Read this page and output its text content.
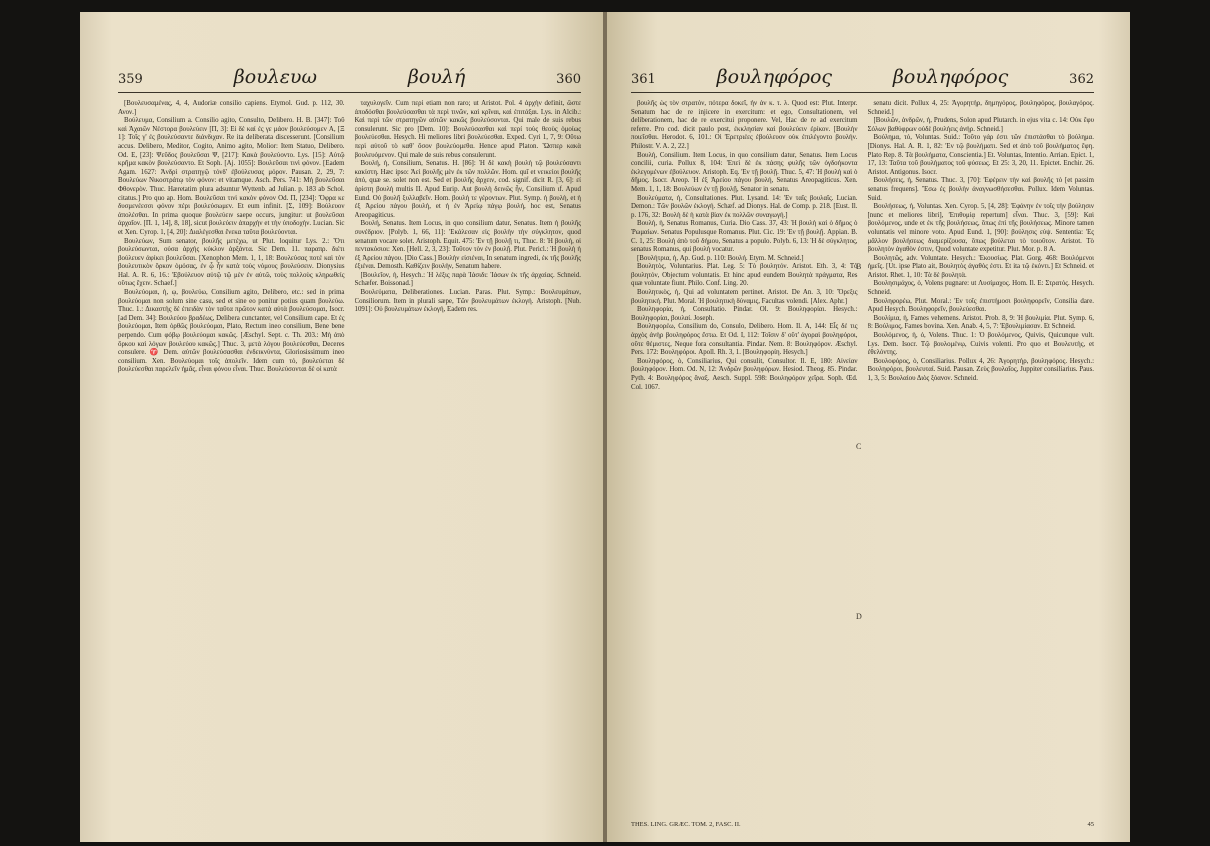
359	βουλευω	βουλή	360

[Βουλευσαμένας, 4, 4, Audoriæ consilio capiens. Etymol. Gud. p. 112, 30. Ανον.]

Βούλευμα, Consilium a. Consilio agito, Consulto, Delibero. H. B. [347]: Τοῦ καὶ Ἀχαιῶν Νέστορα βουλεύειν [Π, 3]: Εἰ δὲ καί ἐς γε μάον βουλεύσομεν A, [Ξ 1]: Τοῖς γ' ἐς βουλεύσαντε διάνδιχαν. Re ita deliberata discesserunt. [Consilium accus. Delibero, Meditor, Cogito, Animo agito, Molior: Item Statuo, Delibero. Od. Ε, [23]: Ψεῦδος βουλεῦσαι Ψ, [217]: Κακὰ βουλεύοντο. Lys. [15]: Αὐτῷ κρῆμα κακὸν βουλεύσαντο. Et Soph. [Aj. 1055]: Βουλεῦσαι τινὶ φόνον. [Eadem Agam. 1627: Ἀνδρὶ στρατηγῷ τόνδ' ἐβούλευσας μόρον. Pausan. 2, 29, 7: Βουλεύων Νικοστράτῳ τὸν φόνον: et vitamque. Asch. Pers. 741: Μή βουλεῦσαι Φθονερὸν. Thuc. Hæretatim plura adsuntur Wyttenb. ad Julian. p. 183 ab Schol. citatus.] Pro quo ap. Hom. Βουλεῦσαι τινὶ κακὸν φόνον Od. Π, [234]: Ὄφρα κε δυσμενέεσσι φόνον πέρι βουλεύσωμεν. Et eum infinit. [Σ, 109]: Βούλευον ἀπολέσθαι. In prima quoque βουλεύειν saepe occurs, jungitur: ut βουλεῦσαι ἀρχαῖον. [Π. 1, 14], 8, 18], sicut βουλεύειν ἀπαρχὴν et τὴν ὑποδοχὴν. Lucian. Sic et Xen. Cyrop. 1, [4, 20]: Διαλέγεσθαι ἕνεκα ταῦτα βουλεύονται.

Βουλεύων, Sum senator, βουλῆς μετέχω, ut Plut. loquitur Lys. 2.: Ὅτι βουλεύσωνται, οὐσα ἀρχής κύκλον ἀρξάντα. Sic Dem. 11. παραπρ. διέτι βούλευεν ἀφίκει βουλεῦσαι. [Xenophon Mem. 1, 1, 18: Βουλεύσας ποτέ καὶ τὸν βουλευτικὸν ὅρκον ὁμόσας, ἐν ᾧ ἦν κατὰ τοὺς νόμους βουλεύσειν. Dionysius Hal. A. R. 6, 16.: Ἐβούλευον αὐτῷ τῷ μὲν ἐν αὐτῶ, τοὺς πολλοὺς κληρωθείς οὕτως ἔχειν. Schaef.]

Βουλεύομαι, ἡ, ῳ, βουλεύω, Consilium agito, Delibero, etc.: sed in prima βουλεύομαι non solum sine casu, sed et sine eo ponitur potius quam βουλεύω. Thuc. 1.: Δικαστὴς δὲ ἐπειδὰν τὸν ταῦτα πρῶτον κατὰ αὐτὰ βουλεύσομαι, Isocr. [ad Dem. 34]: Βουλεύου βραδέως, Delibera cunctanter, vel Consilium cape. Et ἐς βουλεύομαι, Item ὀρθῶς βουλεύομαι, Plato, Rectum ineo consilium, Bene bene perpendo. Cum φόβῳ βουλεύομαι κακῶς. [Æschyl. Sept. c. Th. 203.: Μὴ ἀπὸ ὅρκου καὶ λόγων βουλεύου κακῶς.] Thuc. 3, μετὰ λόγου βουλεύεσθαι, Deceres consulere. ♈ Dem. αὐτῶν βουλεύσασθαι ἐνδεικνύντα, Gloriosissimum ineo consilium. Xen. Βουλεύομαι τοῖς ἀπολεῖν. Idem cum τό, βουλεύεται δὲ βουλεύεσθαι παρελεῖν ἡμᾶς, εἶναι φόνου εἶναι. Thuc. Βουλεύσονται δὲ οἱ κατὰ

ταχυλογεῖν. Cum περί etiam non raro; ut Aristot. Pol. 4 ἀρχὴν definit, ὥστε ἀποδόσθαι βουλεύσασθαι τὰ περὶ τινῶν, καὶ κρῖναι, καὶ ἐπιτάξαι. Lys. in Alcib.: Καὶ περὶ τῶν στρατηγῶν αὐτῶν κακῶς βουλεύσονται. Qui male de suis rebus consulerunt. Sic pro [Dem. 10]: Βουλεύσασθαι καὶ περί τοὺς θεοὺς ὁμοίως βουλεύεσθαι. Hesych. Hi meliores libri βουλεύεσθαι. Exped. Cyri 1, 7, 9: Οὕτω περὶ αὐτοῦ τὸ καθ' ὅσον βουλεύομεθα. Hence apud Platon. Ὥσπερ κακὰ βουλευόμενον. Qui male de suis rebus consulerunt.

Βουλή, ἡ, Consilium, Senatus. H. [86]: Ἡ δὲ κακὴ βουλὴ τῷ βουλεύσαντι κακίστη. Hæc ipso: Ἀεὶ βουλῆς μὲν ἐκ τῶν πολλῶν. Hom. quī et νεικείοι βουλῆς ἀπό, quæ se. solet non est. Sed et βουλῆς ἄρχειν, cod. signif. dicit R. [3, 6]: εἰ ἀρίστη βουλὴ multis II. Apud Eurip. Aut βουλὴ δεινῶς ἦν, Consilium ιf. Apud Eund. Οὐ βουλῆ ξυλλαβεῖν. Hom. βουλὴ τε γέροντων. Plut. Symp. ἡ βουλὴ, et ἡ ἐξ Ἀρείου πάγου βουλὴ, et ἡ ἐν Ἀρείῳ πάγῳ βουλή, hoc est, Senatus Areopagiticus.

Βουλή, Senatus. Item Locus, in quo consilium datur, Senatus. Item ἡ βουλῆς συνέδριον. [Polyb. 1, 66, 11]: Ἐκάλεσαν εἰς βουλὴν τὴν σύγκλητον, quod senatum vocare solet. Aristoph. Equit. 475: Ἐν τῇ βουλῇ τι, Thuc. 8: Ἡ βουλὴ, οἱ πεντακόσιοι: Xen. [Hell. 2, 3, 23]: Τοῦτον τὸν ἐν βουλῇ. Plut. Pericl.: Ἡ βουλὴ ἡ ἐξ Ἀρείου πάγου. [Dio Cass.] Βουλὴν εἰσιέναι, In senatum ingredi, ἐκ τῆς βουλῆς ἐξιέναι. Demosth. Καθίζειν βουλὴν, Senatum habere.

[Βουλεῖον, ἡ, Hesych.: Ἡ λέξις παρὰ Ἰάσιδι: Ἰάσων ἐκ τῆς ἀρχαίας. Schneid. Schæfer. Boissonad.]

Βουλεύματα, Deliberationes. Lucian. Paras. Plut. Symp.: Βουλευμάτων, Consiliorum. Item in plurali sæpe, Τῶν βουλευμάτων ἐκλογή. Aristoph. [Nub. 1091]: Οὐ βουλευμάτων ἐκλογή, Eadem res.

361	βουληφόρος	βουληφόρος	362

βουλῆς ὡς τὸν στρατὸν, πότερα δοκεῖ, ἦν ἀν κ. τ. λ. Quod est: Plut. Interpr. Senatum hac de re injicere in exercitum: et ego, Consultationem, vel deliberationem, hac de re exercitui proponere. Vel, Hac de re ad exercitum referre. Pro cod. dicit paulo post, ἐκκλησίαν καὶ βουλεύειν ἐρίκον. [Βουλὴν ποιεῖσθαι. Herodot. 6, 101.: Οἱ Ἐρετριέες ἐβούλευον οὐκ ἐπιλέγοντο βουλήν. Philostr. V. A. 2, 22.]

Βουλή, Consilium. Item Locus, in quo consilium datur, Senatus. Item Locus concilii, curia. Pollux 8, 104: Ἐπεὶ δὲ ἐκ πάσης φυλῆς τῶν ὀγδοήκοντα ἐκλεγομένων ἐβούλευον. Aristoph. Eq. Ἐν τῇ βουλῇ. Thuc. 5, 47: Ἡ βουλὴ καὶ ὁ δῆμος. Isocr. Areop. Ἡ ἐξ Ἀρείου πάγου βουλή, Senatus Areopagiticus. Xen. Mem. 1, 1, 18: Βουλεύων ἐν τῇ βουλῇ, Senator in senatu.

Βουλεύματα, ἡ, Consultationes. Plut. Lysand. 14: Ἐν ταῖς βουλαῖς. Lucian. Demon.: Τῶν βουλῶν ἐκλογή. Schæf. ad Dionys. Hal. de Comp. p. 218. [Eust. Il. p. 176, 32: Βουλὴ δὲ ἡ κατὰ βίαν ἐκ πολλῶν συναγωγή.]

Βουλή, ἡ, Senatus Romanus, Curia. Dio Cass. 37, 43: Ἡ βουλὴ καὶ ὁ δῆμος ὁ Ῥωμαίων. Senatus Populusque Romanus. Plut. Cic. 19: Ἐν τῇ βουλῇ. Appian. B. C. 1, 25: Βουλὴ ἀπὸ τοῦ δήμου, Senatus a populo. Polyb. 6, 13: Ἡ δὲ σύγκλητος, senatus Romanus, qui βουλὴ vocatur.

[Βουλήτρια, ἡ, Ap. Gud. p. 110: Βουλή. Etym. M. Schneid.]

Βουλητὸς, Voluntarius. Plat. Leg. 5: Τὸ βουλητόν. Aristot. Eth. 3, 4: Τὸ βουλητόν, Objectum voluntatis. Et hinc apud eundem Βουλητὰ πράγματα, Res quæ voluntate fiunt. Philo. Conf. Ling. 20.

Βουλητικὸς, ἡ, Qui ad voluntatem pertinet. Aristot. De An. 3, 10: Ὄρεξις βουλητική. Plut. Moral. Ἡ βουλητικὴ δύναμις, Facultas volendi. [Alex. Aphr.]

Βουληφορία, ἡ, Consultatio. Pindar. Ol. 9: Βουληφορίαι. Hesych.: Βουληφορίαι, βουλαί. Joseph.

Βουληφορέω, Consilium do, Consulo, Delibero. Hom. Il. Α, 144: Εἷς δέ τις ἀρχὸς ἀνὴρ βουληφόρος ἔστω. Et Od. Ι, 112: Τοῖσιν δ' οὔτ' ἀγοραὶ βουληφόροι, οὔτε θέμιστες, Neque fora consultantia. Pindar. Nem. 8: Βουληφόρον. Æschyl. Pers. 172: Βουληφόροι. Apoll. Rh. 3, 1. [Βουληφορίη. Hesych.]

Βουληφόρος, ὁ, Consiliarius, Qui consulit, Consultor. Il. Ε, 180: Αἰνείαν βουληφόρον. Hom. Od. Ν, 12: Ἀνδρῶν βουληφόρων. Hesiod. Theog. 85. Pindar. Pyth. 4: Βουληφόρος ἄναξ. Aesch. Suppl. 598: Βουληφόρον χεῖρα. Soph. Œd. Col. 1067.

senatu dicit. Pollux 4, 25: Ἀγορητήρ, δημηγόρος, βουληφόρος, βουλαγόρος. Schneid.]

[Βουλῶν, ἀνδρῶν, ἡ, Prudens, Solon apud Plutarch. in ejus vita c. 14: Οὐκ ἔφυ Σόλων βαθύφρων οὐδὲ βουλήεις ἀνήρ. Schneid.]

Βούλημα, τό, Voluntas. Suid.: Τοῦτο γάρ ἐστι τῶν ἐπιστάσθαι τὸ βούλημα. [Dionys. Hal. A. R. 1, 82: Ἐν τῷ βουλήματι. Sed et ἀπὸ τοῦ βουλήματος ἔφη. Plato Rep. 8. Τὰ βουλήματα, Conscientia.] Et. Voluntas, Intentio. Arrian. Epict. 1, 17, 13: Ταῦτα τοῦ βουλήματος τοῦ φύσεως. Et 25: 3, 20, 11. Epictet. Enchir. 26. Aristot. Antigonus. Isocr.

Βουλήσεις, ἡ, Senatus. Thuc. 3, [70]: Ἐφέρειν τὴν καὶ βουλῆς τὸ [et passim senatus frequens]. Ἔσω ἐς βουλὴν ἀναγνωσθήσεσθαι. Pollux. Idem Voluntas. Suid.

Βουλήσεως, ἡ, Voluntas. Xen. Cyrop. 5, [4, 28]: Ἐφάνην ἐν τοῖς τὴν βούλησιν [nunc et meliores libri], Ἐπιθυμίᾳ repertum] εἶναι. Thuc. 3, [59]: Καὶ βουλόμενος, unde et ἐκ τῆς βουλήσεως, ὅπως ἐπὶ τῆς βουλήσεως. Minore tamen voluntatis vel minore voto. Apud Eund. 1, [90]: βούλησις εὐψ. Sententia: Ἐς μᾶλλον βουλήσεως διαμερίζουσα, ὅπως βούλεται τὸ τοιοῦτον. Aristot. Τὸ βουλητὸν ἀγαθὸν ἐστιν, Quod voluntate expetitur. Plut. Mor. p. 8 Α.

Βουλητῶς, adv. Voluntate. Hesych.: Ἑκουσίως. Plat. Gorg. 468: Βουλόμενοι ἡμεῖς. [Ut. ipse Plato ait, Βουλητὸς ἀγαθὸς ἐστι. Et ita τῷ ἑκόντι.] Et Schneid. et Aristot. Rhet. 1, 10: Τὰ δὲ βουλητὰ.

Βουλησιμάχος, ὁ, Volens pugnare: ut Λυσίμαχος. Hom. Il. Ε: Στρατός. Hesych. Schneid.

Βουληφορέω, Plut. Moral.: Ἐν τοῖς ἐπιστήμοσι βουληφορεῖν, Consilia dare. Apud Hesych. Βουληφορεῖν, βουλεύεσθαι.

Βουλίμια, ἡ, Fames vehemens. Aristot. Prob. 8, 9: Ἡ βουλιμία. Plut. Symp. 6, 8: Βούλιμος, Fames bovina. Xen. Anab. 4, 5, 7: Ἐβουλιμίασαν. Et Schneid.

Βουλόμενος, ἡ, ὁ, Volens. Thuc. 1: Ὁ βουλόμενος, Quivis, Quicunque vult. Lys. Dem. Isocr. Τῷ βουλομένῳ, Cuivis volenti. Pro quo et Βουλευτὴς, et ἐθελόντης.

Βουλοφόρος, ὁ, Consiliarius. Pollux 4, 26: Ἀγορητήρ, βουληφόρος. Hesych.: Βουληφόροι, βουλευταί. Suid. Pausan. Ζεὺς βουλαῖος, Juppiter consiliarius. Paus. 1, 3, 5: Βουλαίου Διὸς ξόανον. Schneid.

B
C
D
THES. LING. GRÆC. TOM. 2, FASC. II.	45
